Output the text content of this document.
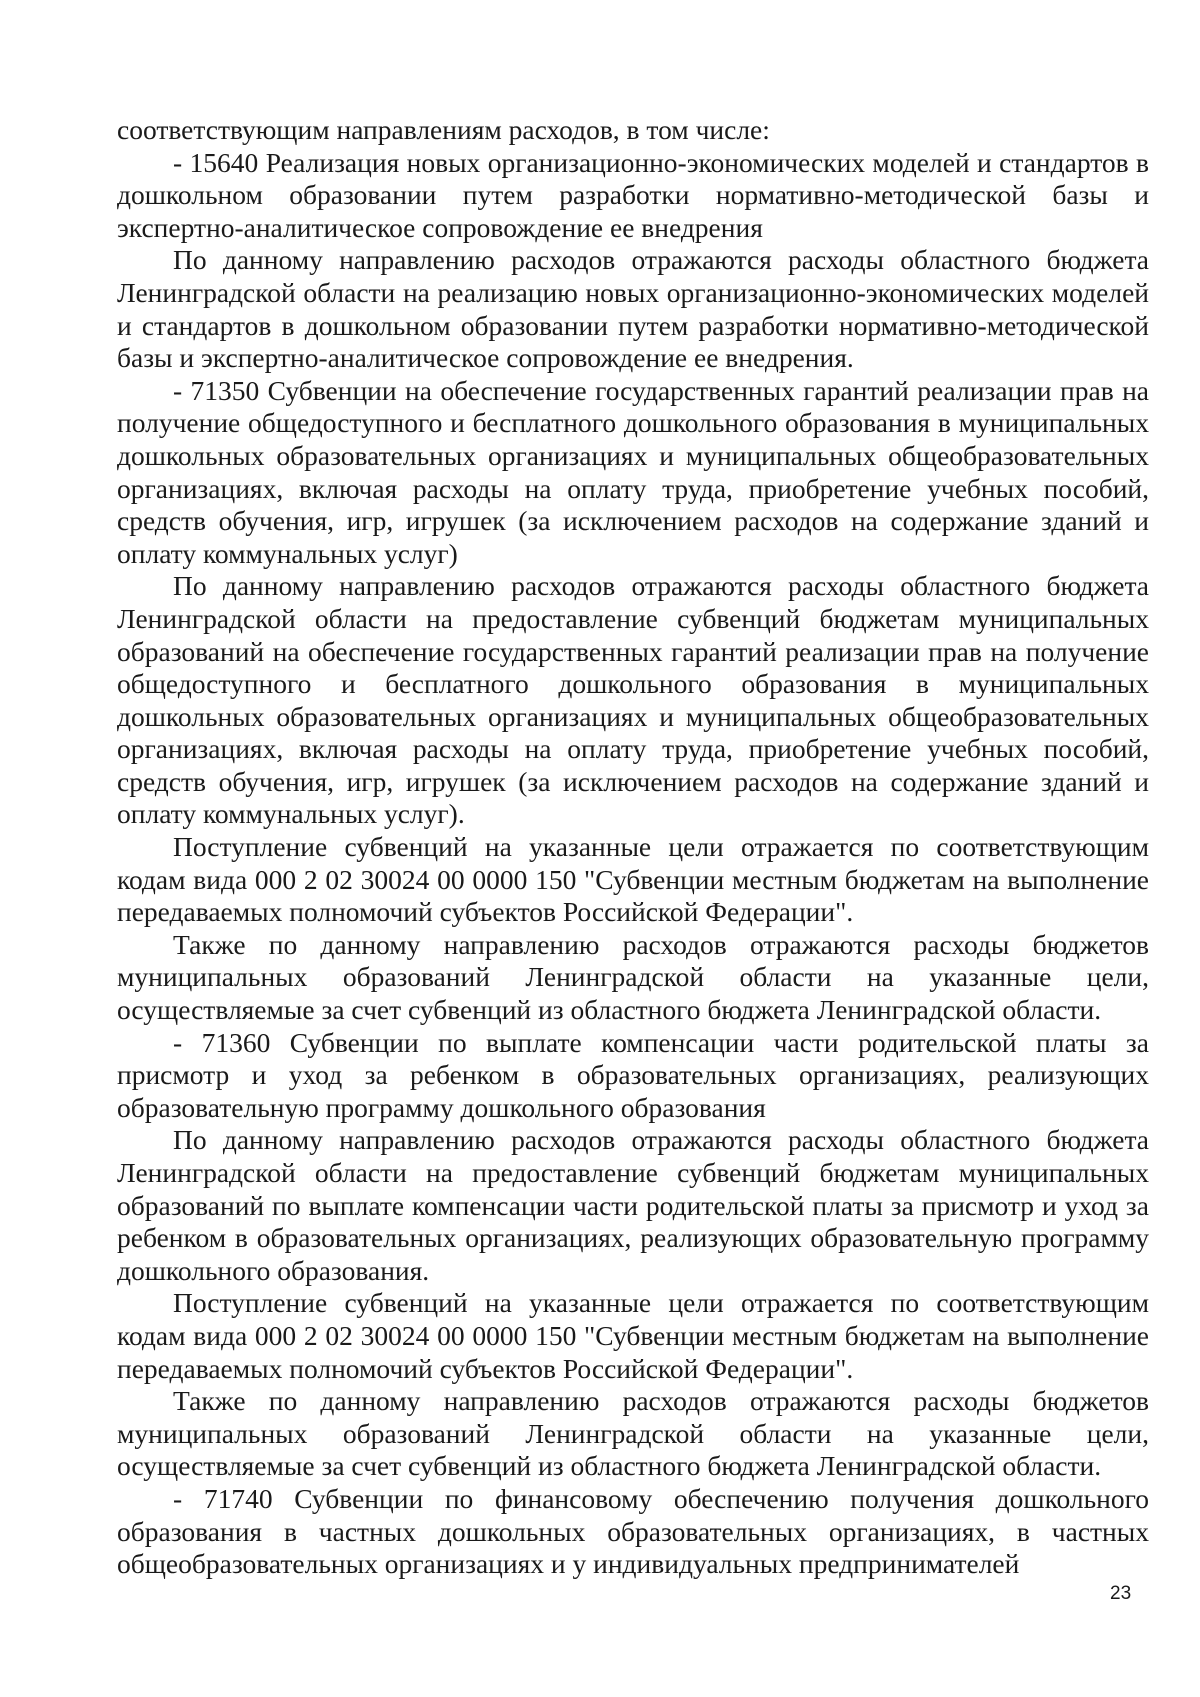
соответствующим направлениям расходов, в том числе:

- 15640 Реализация новых организационно-экономических моделей и стандартов в дошкольном образовании путем разработки нормативно-методической базы и экспертно-аналитическое сопровождение ее внедрения

По данному направлению расходов отражаются расходы областного бюджета Ленинградской области на реализацию новых организационно-экономических моделей и стандартов в дошкольном образовании путем разработки нормативно-методической базы и экспертно-аналитическое сопровождение ее внедрения.

- 71350 Субвенции на обеспечение государственных гарантий реализации прав на получение общедоступного и бесплатного дошкольного образования в муниципальных дошкольных образовательных организациях и муниципальных общеобразовательных организациях, включая расходы на оплату труда, приобретение учебных пособий, средств обучения, игр, игрушек (за исключением расходов на содержание зданий и оплату коммунальных услуг)

По данному направлению расходов отражаются расходы областного бюджета Ленинградской области на предоставление субвенций бюджетам муниципальных образований на обеспечение государственных гарантий реализации прав на получение общедоступного и бесплатного дошкольного образования в муниципальных дошкольных образовательных организациях и муниципальных общеобразовательных организациях, включая расходы на оплату труда, приобретение учебных пособий, средств обучения, игр, игрушек (за исключением расходов на содержание зданий и оплату коммунальных услуг).

Поступление субвенций на указанные цели отражается по соответствующим кодам вида 000 2 02 30024 00 0000 150 "Субвенции местным бюджетам на выполнение передаваемых полномочий субъектов Российской Федерации".

Также по данному направлению расходов отражаются расходы бюджетов муниципальных образований Ленинградской области на указанные цели, осуществляемые за счет субвенций из областного бюджета Ленинградской области.

- 71360 Субвенции по выплате компенсации части родительской платы за присмотр и уход за ребенком в образовательных организациях, реализующих образовательную программу дошкольного образования

По данному направлению расходов отражаются расходы областного бюджета Ленинградской области на предоставление субвенций бюджетам муниципальных образований по выплате компенсации части родительской платы за присмотр и уход за ребенком в образовательных организациях, реализующих образовательную программу дошкольного образования.

Поступление субвенций на указанные цели отражается по соответствующим кодам вида 000 2 02 30024 00 0000 150 "Субвенции местным бюджетам на выполнение передаваемых полномочий субъектов Российской Федерации".

Также по данному направлению расходов отражаются расходы бюджетов муниципальных образований Ленинградской области на указанные цели, осуществляемые за счет субвенций из областного бюджета Ленинградской области.

- 71740 Субвенции по финансовому обеспечению получения дошкольного образования в частных дошкольных образовательных организациях, в частных общеобразовательных организациях и у индивидуальных предпринимателей

23
